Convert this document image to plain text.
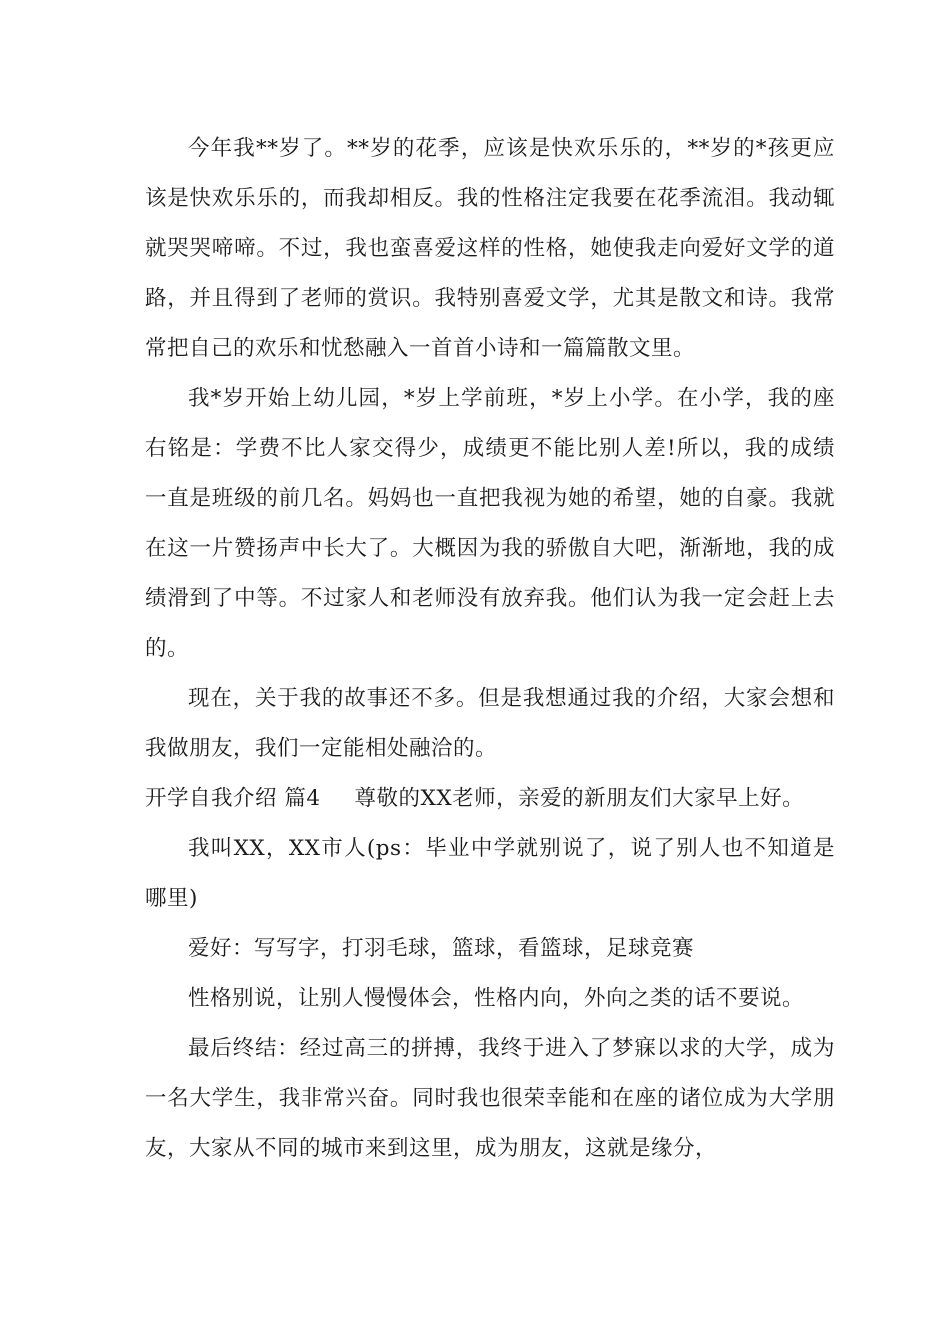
今年我**岁了。**岁的花季，应该是快欢乐乐的，**岁的*孩更应该是快欢乐乐的，而我却相反。我的性格注定我要在花季流泪。我动辄就哭哭啼啼。不过，我也蛮喜爱这样的性格，她使我走向爱好文学的道路，并且得到了老师的赏识。我特别喜爱文学，尤其是散文和诗。我常常把自己的欢乐和忧愁融入一首首小诗和一篇篇散文里。

我*岁开始上幼儿园，*岁上学前班，*岁上小学。在小学，我的座右铭是：学费不比人家交得少，成绩更不能比别人差!所以，我的成绩一直是班级的前几名。妈妈也一直把我视为她的希望，她的自豪。我就在这一片赞扬声中长大了。大概因为我的骄傲自大吧，渐渐地，我的成绩滑到了中等。不过家人和老师没有放弃我。他们认为我一定会赶上去的。

现在，关于我的故事还不多。但是我想通过我的介绍，大家会想和我做朋友，我们一定能相处融洽的。

开学自我介绍 篇4 尊敬的XX老师，亲爱的新朋友们大家早上好。

我叫XX，XX市人(ps：毕业中学就别说了，说了别人也不知道是哪里)

爱好：写写字，打羽毛球，篮球，看篮球，足球竞赛

性格别说，让别人慢慢体会，性格内向，外向之类的话不要说。

最后终结：经过高三的拼搏，我终于进入了梦寐以求的大学，成为一名大学生，我非常兴奋。同时我也很荣幸能和在座的诸位成为大学朋友，大家从不同的城市来到这里，成为朋友，这就是缘分，
